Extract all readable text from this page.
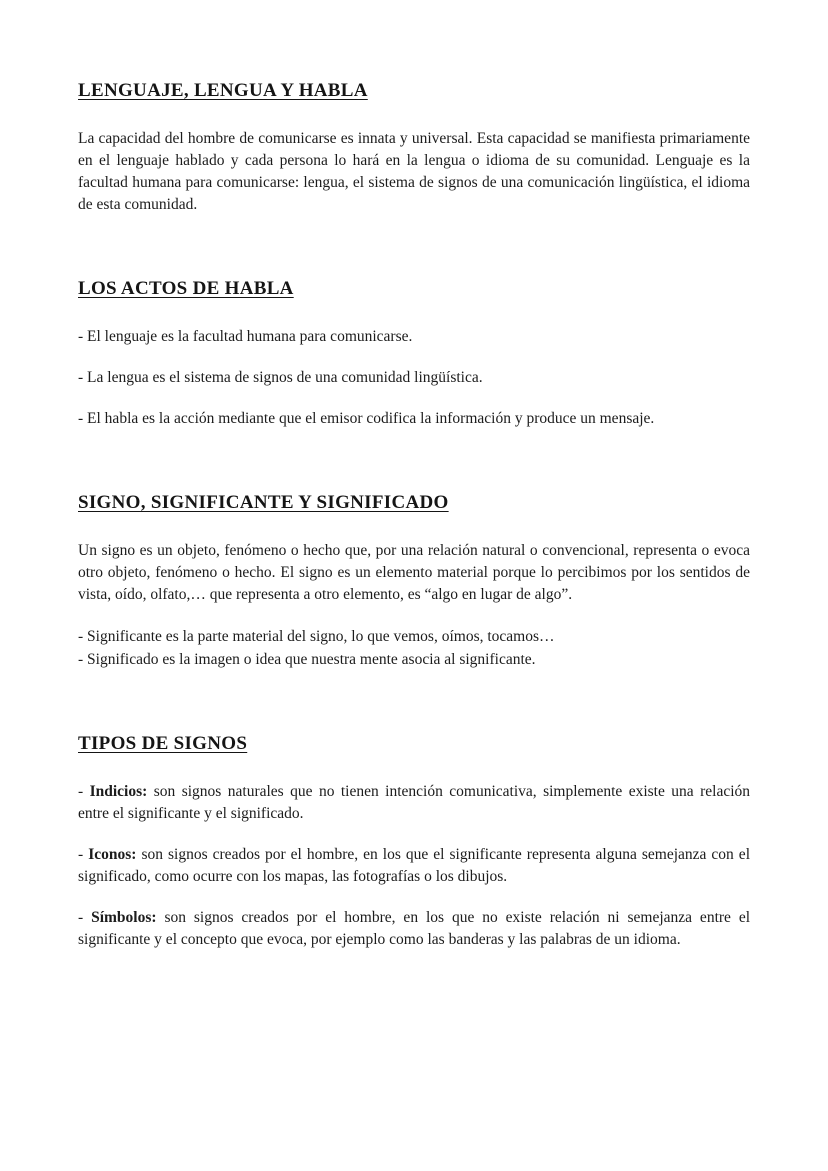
LENGUAJE, LENGUA Y HABLA

La capacidad del hombre de comunicarse es innata y universal. Esta capacidad se manifiesta primariamente en el lenguaje hablado y cada persona lo hará en la lengua o idioma de su comunidad. Lenguaje es la facultad humana para comunicarse: lengua, el sistema de signos de una comunicación lingüística, el idioma de esta comunidad.

LOS ACTOS DE HABLA

- El lenguaje es la facultad humana para comunicarse.

- La lengua es el sistema de signos de una comunidad lingüística.

- El habla es la acción mediante que el emisor codifica la información y produce un mensaje.

SIGNO, SIGNIFICANTE Y SIGNIFICADO

Un signo es un objeto, fenómeno o hecho que, por una relación natural o convencional, representa o evoca otro objeto, fenómeno o hecho. El signo es un elemento material porque lo percibimos por los sentidos de vista, oído, olfato,… que representa a otro elemento, es “algo en lugar de algo”.

- Significante es la parte material del signo, lo que vemos, oímos, tocamos…

- Significado es la imagen o idea que nuestra mente asocia al significante.

TIPOS DE SIGNOS

- Indicios: son signos naturales que no tienen intención comunicativa, simplemente existe una relación entre el significante y el significado.

- Iconos: son signos creados por el hombre, en los que el significante representa alguna semejanza con el significado, como ocurre con los mapas, las fotografías o los dibujos.

- Símbolos: son signos creados por el hombre, en los que no existe relación ni semejanza entre el significante y el concepto que evoca, por ejemplo como las banderas y las palabras de un idioma.
